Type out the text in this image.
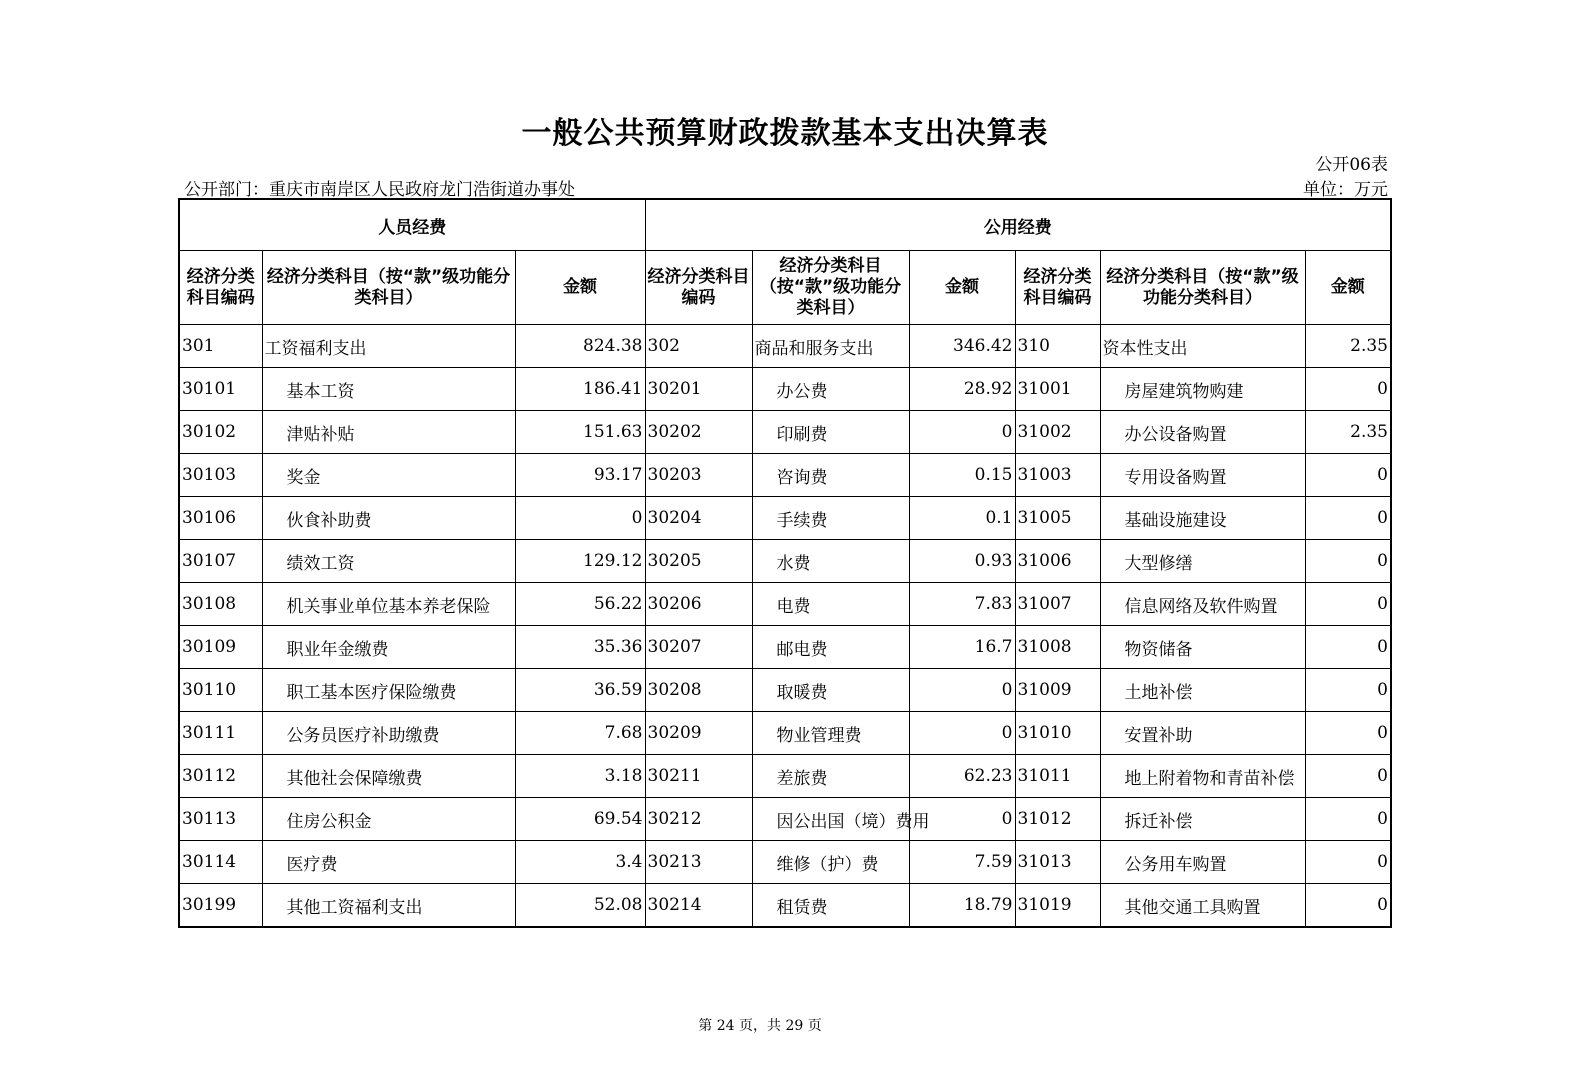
一般公共预算财政拨款基本支出决算表
公开06表
公开部门：重庆市南岸区人民政府龙门浩街道办事处	单位：万元
人员经费			公用经费					
经济分类科目编码	经济分类科目（按“款”级功能分类科目）	金额	经济分类科目编码	经济分类科目（按“款”级功能分类科目）	金额	经济分类科目编码	经济分类科目（按“款”级功能分类科目）	金额
301	工资福利支出	824.38	302	商品和服务支出	346.42	310	资本性支出	2.35
30101	基本工资	186.41	30201	办公费	28.92	31001	房屋建筑物购建	0
30102	津贴补贴	151.63	30202	印刷费	0	31002	办公设备购置	2.35
30103	奖金	93.17	30203	咨询费	0.15	31003	专用设备购置	0
30106	伙食补助费	0	30204	手续费	0.1	31005	基础设施建设	0
30107	绩效工资	129.12	30205	水费	0.93	31006	大型修缮	0
30108	机关事业单位基本养老保险	56.22	30206	电费	7.83	31007	信息网络及软件购置	0
30109	职业年金缴费	35.36	30207	邮电费	16.7	31008	物资储备	0
30110	职工基本医疗保险缴费	36.59	30208	取暖费	0	31009	土地补偿	0
30111	公务员医疗补助缴费	7.68	30209	物业管理费	0	31010	安置补助	0
30112	其他社会保障缴费	3.18	30211	差旅费	62.23	31011	地上附着物和青苗补偿	0
30113	住房公积金	69.54	30212	因公出国（境）费用	0	31012	拆迁补偿	0
30114	医疗费	3.4	30213	维修（护）费	7.59	31013	公务用车购置	0
30199	其他工资福利支出	52.08	30214	租赁费	18.79	31019	其他交通工具购置	0
第 24 页，共 29 页
